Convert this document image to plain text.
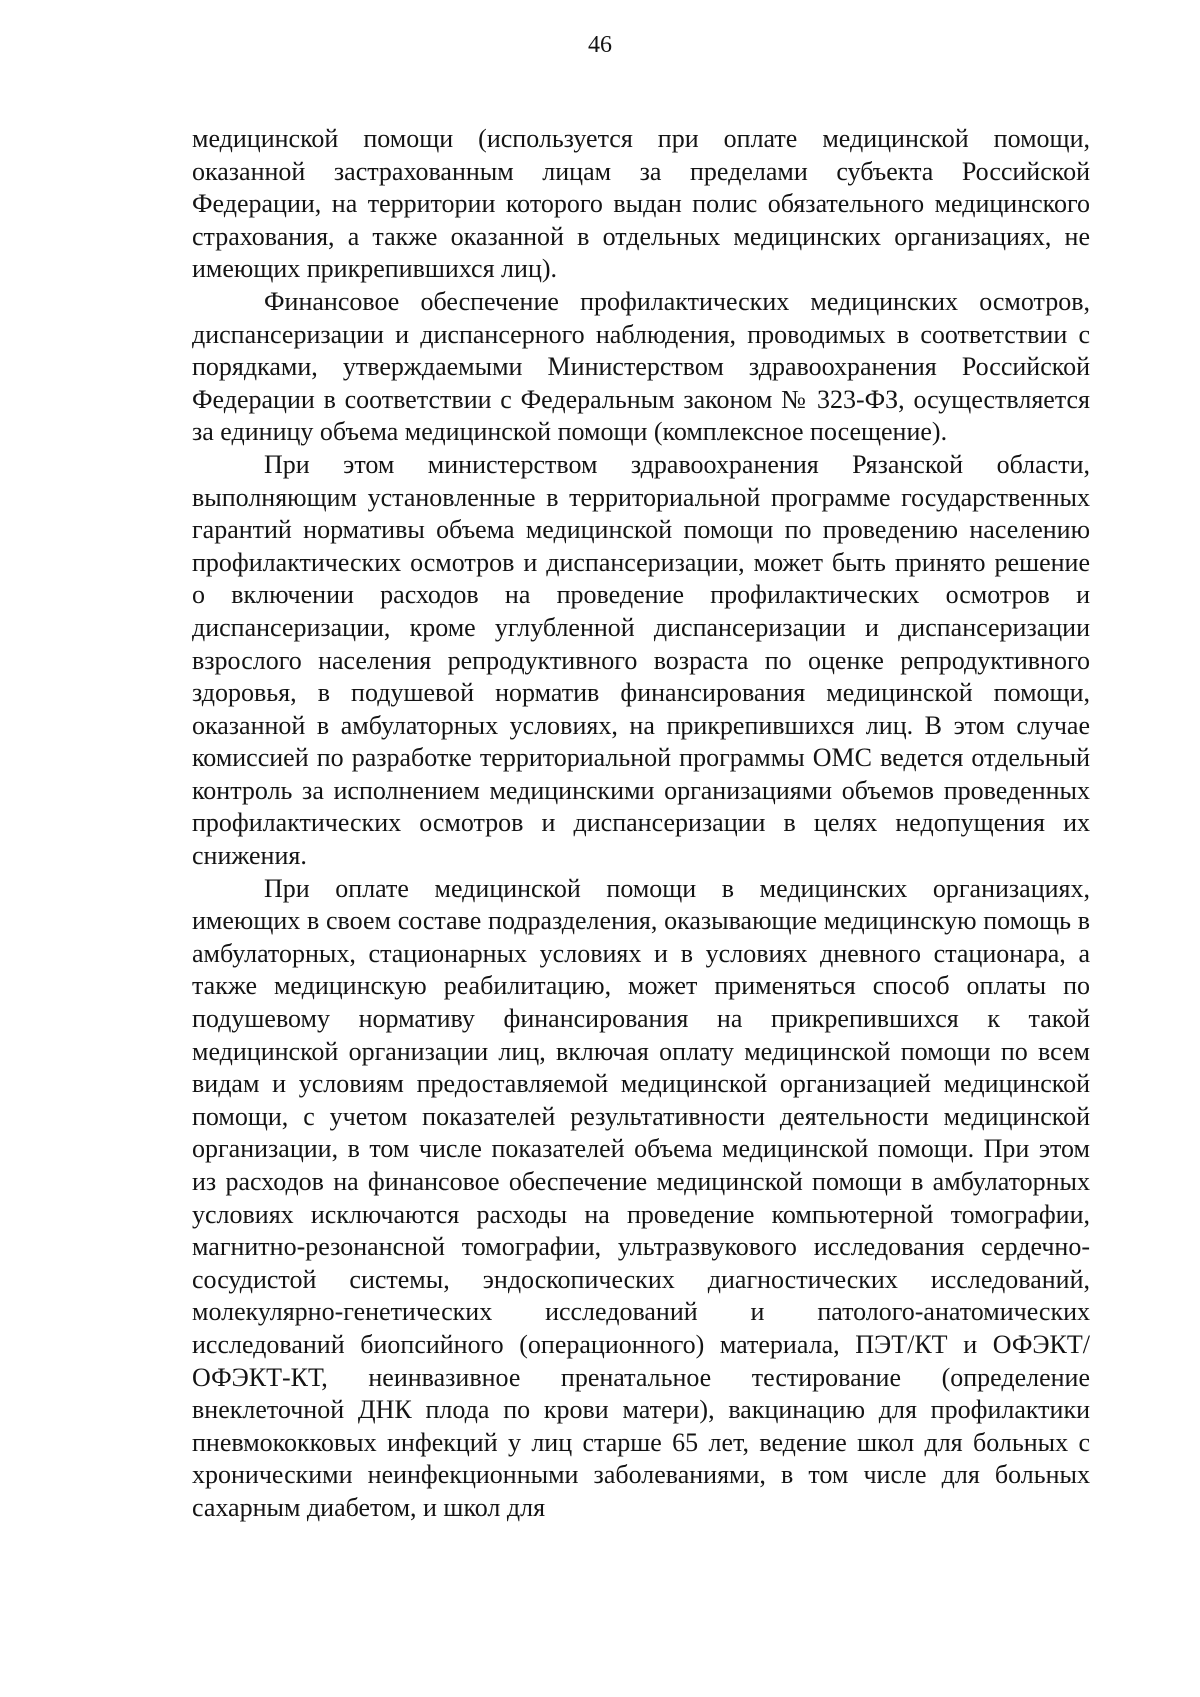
46

медицинской помощи (используется при оплате медицинской помощи, оказанной застрахованным лицам за пределами субъекта Российской Федерации, на территории которого выдан полис обязательного медицинского страхования, а также оказанной в отдельных медицинских организациях, не имеющих прикрепившихся лиц).

Финансовое обеспечение профилактических медицинских осмотров, диспансеризации и диспансерного наблюдения, проводимых в соответствии с порядками, утверждаемыми Министерством здравоохранения Российской Федерации в соответствии с Федеральным законом № 323-ФЗ, осуществляется за единицу объема медицинской помощи (комплексное посещение).

При этом министерством здравоохранения Рязанской области, выполняющим установленные в территориальной программе государственных гарантий нормативы объема медицинской помощи по проведению населению профилактических осмотров и диспансеризации, может быть принято решение о включении расходов на проведение профилактических осмотров и диспансеризации, кроме углубленной диспансеризации и диспансеризации взрослого населения репродуктивного возраста по оценке репродуктивного здоровья, в подушевой норматив финансирования медицинской помощи, оказанной в амбулаторных условиях, на прикрепившихся лиц. В этом случае комиссией по разработке территориальной программы ОМС ведется отдельный контроль за исполнением медицинскими организациями объемов проведенных профилактических осмотров и диспансеризации в целях недопущения их снижения.

При оплате медицинской помощи в медицинских организациях, имеющих в своем составе подразделения, оказывающие медицинскую помощь в амбулаторных, стационарных условиях и в условиях дневного стационара, а также медицинскую реабилитацию, может применяться способ оплаты по подушевому нормативу финансирования на прикрепившихся к такой медицинской организации лиц, включая оплату медицинской помощи по всем видам и условиям предоставляемой медицинской организацией медицинской помощи, с учетом показателей результативности деятельности медицинской организации, в том числе показателей объема медицинской помощи. При этом из расходов на финансовое обеспечение медицинской помощи в амбулаторных условиях исключаются расходы на проведение компьютерной томографии, магнитно-резонансной томографии, ультразвукового исследования сердечно-сосудистой системы, эндоскопических диагностических исследований, молекулярно-генетических исследований и патолого-анатомических исследований биопсийного (операционного) материала, ПЭТ/КТ и ОФЭКТ/ОФЭКТ-КТ, неинвазивное пренатальное тестирование (определение внеклеточной ДНК плода по крови матери), вакцинацию для профилактики пневмококковых инфекций у лиц старше 65 лет, ведение школ для больных с хроническими неинфекционными заболеваниями, в том числе для больных сахарным диабетом, и школ для
